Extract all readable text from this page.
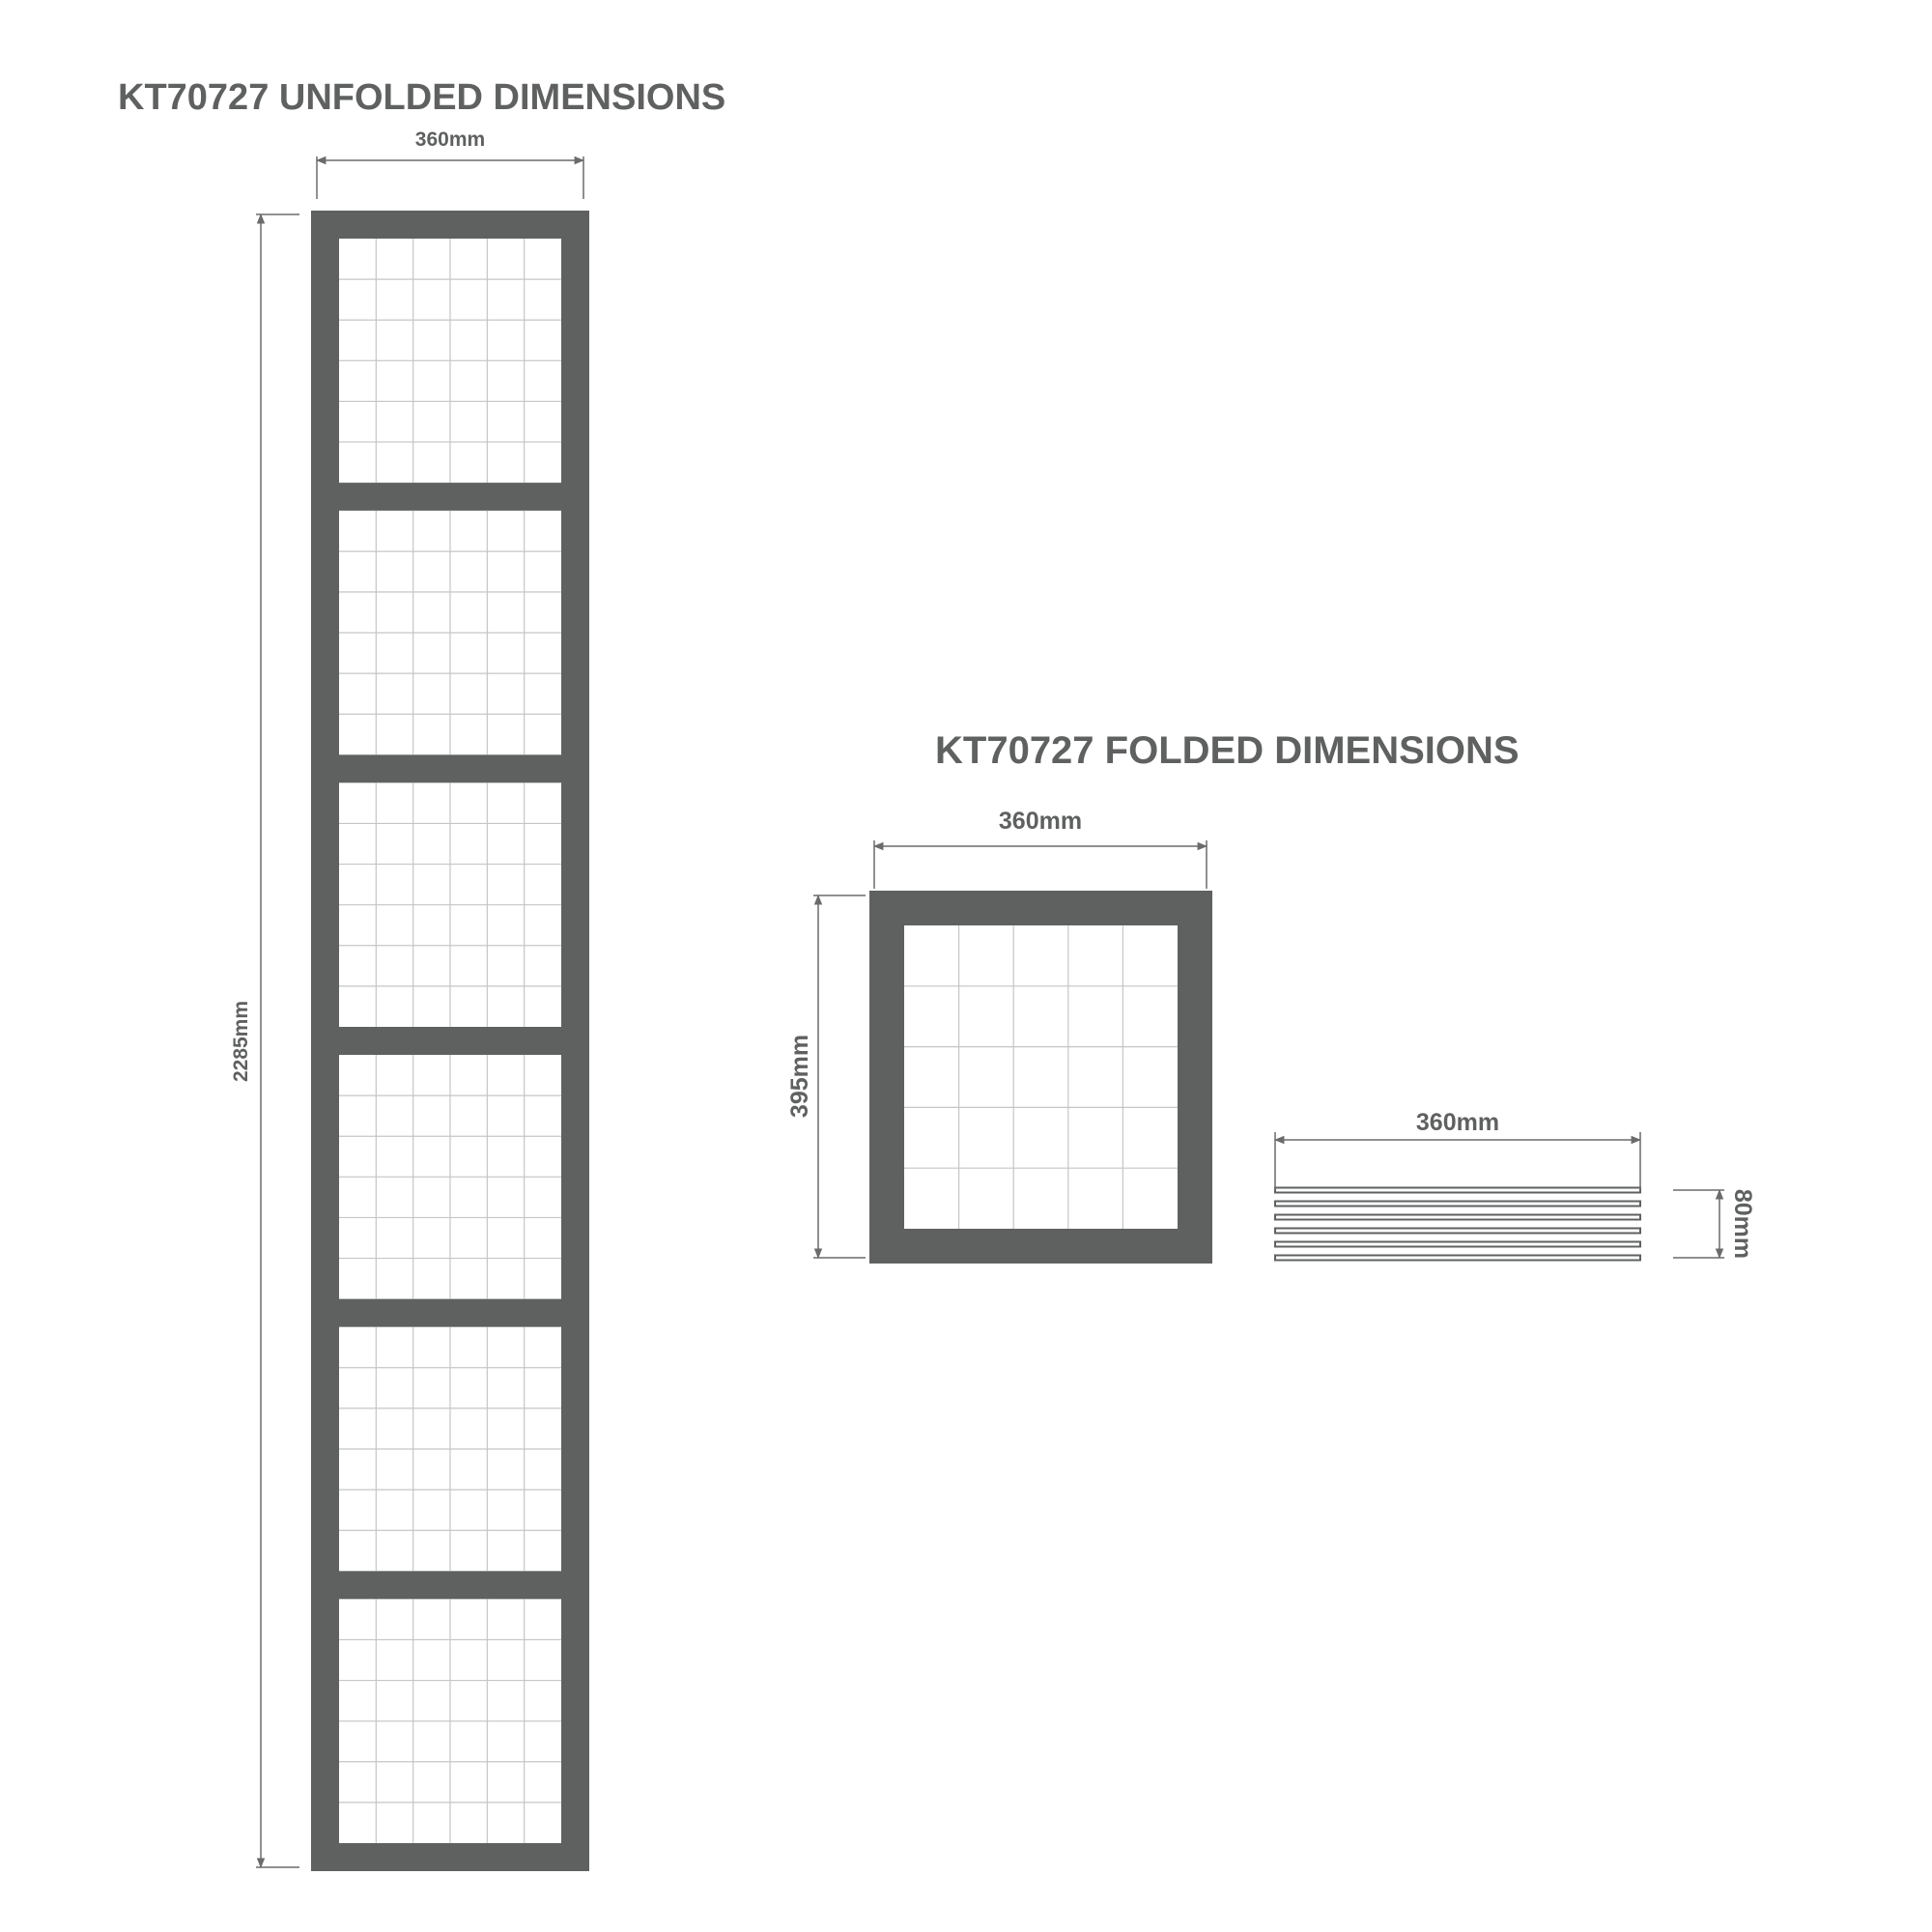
KT70727 UNFOLDED DIMENSIONS
KT70727 FOLDED DIMENSIONS
360mm
2285mm
360mm
395mm
360mm
80mm
